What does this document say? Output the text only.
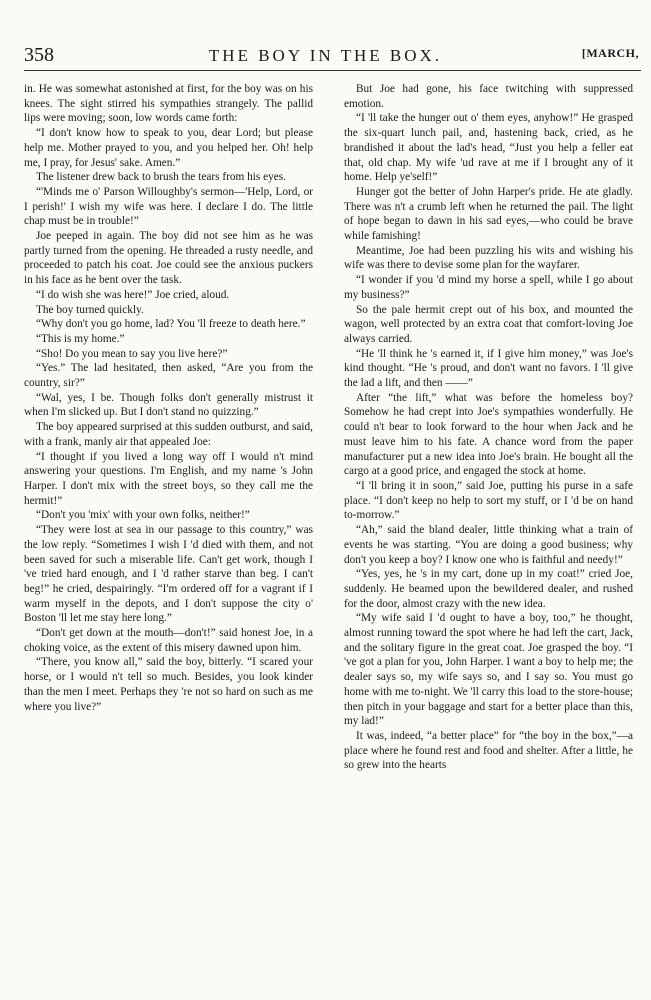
358	THE BOY IN THE BOX.	[MARCH,

in. He was somewhat astonished at first, for the boy was on his knees. The sight stirred his sympathies strangely. The pallid lips were moving; soon, low words came forth:

“I don't know how to speak to you, dear Lord; but please help me. Mother prayed to you, and you helped her. Oh! help me, I pray, for Jesus' sake. Amen.”

The listener drew back to brush the tears from his eyes.

“'Minds me o' Parson Willoughby's sermon—'Help, Lord, or I perish!' I wish my wife was here. I declare I do. The little chap must be in trouble!”

Joe peeped in again. The boy did not see him as he was partly turned from the opening. He threaded a rusty needle, and proceeded to patch his coat. Joe could see the anxious puckers in his face as he bent over the task.

“I do wish she was here!” Joe cried, aloud.

The boy turned quickly.

“Why don't you go home, lad? You 'll freeze to death here.”

“This is my home.”

“Sho! Do you mean to say you live here?”

“Yes.” The lad hesitated, then asked, “Are you from the country, sir?”

“Wal, yes, I be. Though folks don't generally mistrust it when I'm slicked up. But I don't stand no quizzing.”

The boy appeared surprised at this sudden outburst, and said, with a frank, manly air that appealed Joe:

“I thought if you lived a long way off I would n't mind answering your questions. I'm English, and my name 's John Harper. I don't mix with the street boys, so they call me the hermit!”

“Don't you 'mix' with your own folks, neither!”

“They were lost at sea in our passage to this country,” was the low reply. “Sometimes I wish I 'd died with them, and not been saved for such a miserable life. Can't get work, though I 've tried hard enough, and I 'd rather starve than beg. I can't beg!” he cried, despairingly. “I'm ordered off for a vagrant if I warm myself in the depots, and I don't suppose the city o' Boston 'll let me stay here long.”

“Don't get down at the mouth—don't!” said honest Joe, in a choking voice, as the extent of this misery dawned upon him.

“There, you know all,” said the boy, bitterly. “I scared your horse, or I would n't tell so much. Besides, you look kinder than the men I meet. Perhaps they 're not so hard on such as me where you live?”

But Joe had gone, his face twitching with suppressed emotion.

“I 'll take the hunger out o' them eyes, anyhow!” He grasped the six-quart lunch pail, and, hastening back, cried, as he brandished it about the lad's head, “Just you help a feller eat that, old chap. My wife 'ud rave at me if I brought any of it home. Help ye'self!”

Hunger got the better of John Harper's pride. He ate gladly. There was n't a crumb left when he returned the pail. The light of hope began to dawn in his sad eyes,—who could be brave while famishing!

Meantime, Joe had been puzzling his wits and wishing his wife was there to devise some plan for the wayfarer.

“I wonder if you 'd mind my horse a spell, while I go about my business?”

So the pale hermit crept out of his box, and mounted the wagon, well protected by an extra coat that comfort-loving Joe always carried.

“He 'll think he 's earned it, if I give him money,” was Joe's kind thought. “He 's proud, and don't want no favors. I 'll give the lad a lift, and then ——”

After “the lift,” what was before the homeless boy? Somehow he had crept into Joe's sympathies wonderfully. He could n't bear to look forward to the hour when Jack and he must leave him to his fate. A chance word from the paper manufacturer put a new idea into Joe's brain. He bought all the cargo at a good price, and engaged the stock at home.

“I 'll bring it in soon,” said Joe, putting his purse in a safe place. “I don't keep no help to sort my stuff, or I 'd be on hand to-morrow.”

“Ah,” said the bland dealer, little thinking what a train of events he was starting. “You are doing a good business; why don't you keep a boy? I know one who is faithful and needy!”

“Yes, yes, he 's in my cart, done up in my coat!” cried Joe, suddenly. He beamed upon the bewildered dealer, and rushed for the door, almost crazy with the new idea.

“My wife said I 'd ought to have a boy, too,” he thought, almost running toward the spot where he had left the cart, Jack, and the solitary figure in the great coat. Joe grasped the boy. “I 've got a plan for you, John Harper. I want a boy to help me; the dealer says so, my wife says so, and I say so. You must go home with me to-night. We 'll carry this load to the store-house; then pitch in your baggage and start for a better place than this, my lad!”

It was, indeed, “a better place” for “the boy in the box,”—a place where he found rest and food and shelter. After a little, he so grew into the hearts
